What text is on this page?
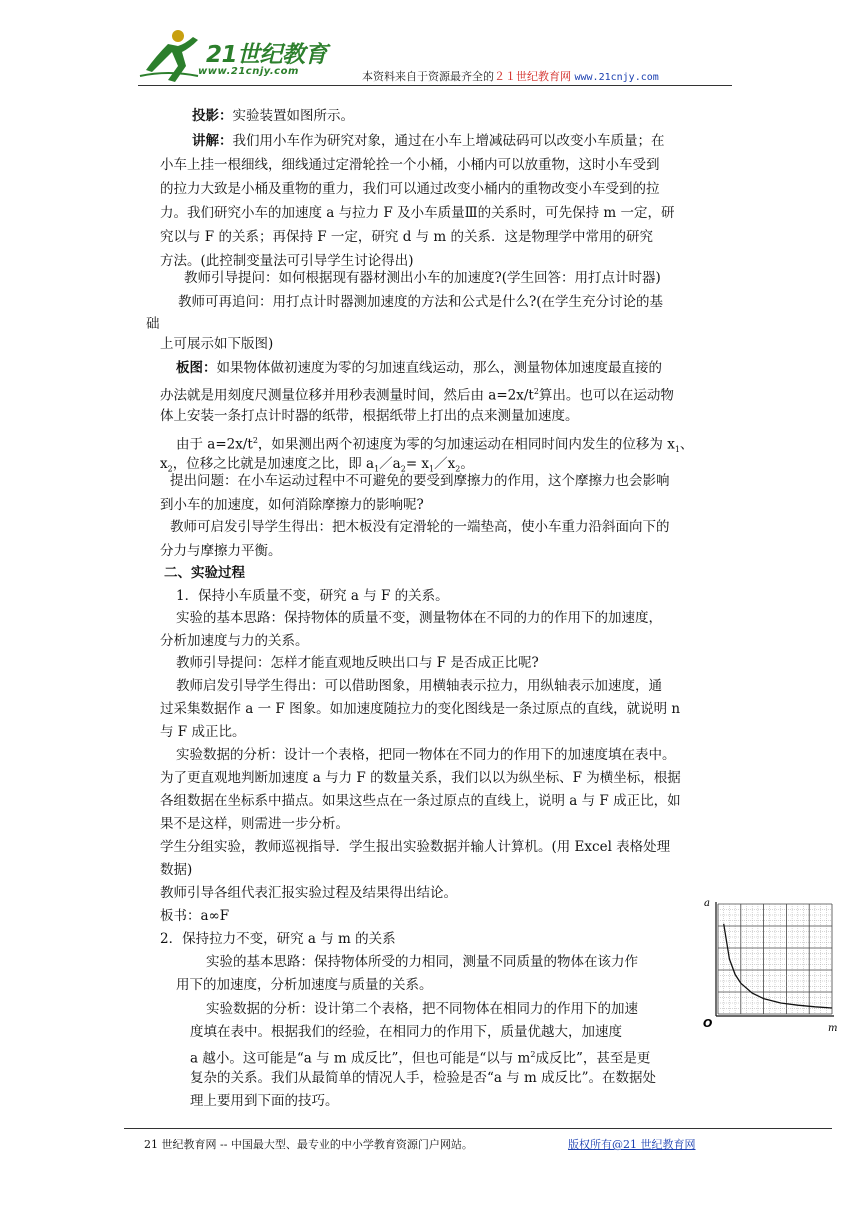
21世纪教育
www.21cnjy.com	本资料来自于资源最齐全的２１世纪教育网 www.21cnjy.com
投影：实验装置如图所示。
讲解：我们用小车作为研究对象，通过在小车上增减砝码可以改变小车质量；在
小车上挂一根细线，细线通过定滑轮拴一个小桶，小桶内可以放重物，这时小车受到
的拉力大致是小桶及重物的重力，我们可以通过改变小桶内的重物改变小车受到的拉
力。我们研究小车的加速度 a 与拉力 F 及小车质量Ⅲ的关系时，可先保持 m 一定，研
究以与 F 的关系；再保持 F 一定，研究 d 与 m 的关系．这是物理学中常用的研究
方法。(此控制变量法可引导学生讨论得出)
教师引导提问：如何根据现有器材测出小车的加速度?(学生回答：用打点计时器)
教师可再追问：用打点计时器测加速度的方法和公式是什么?(在学生充分讨论的基
础
上可展示如下版图)
板图：如果物体做初速度为零的匀加速直线运动，那么，测量物体加速度最直接的
办法就是用刻度尺测量位移并用秒表测量时间，然后由 $a=2x/t^2$算出。也可以在运动物
体上安装一条打点计时器的纸带，根据纸带上打出的点来测量加速度。
由于 $a=2x/t^2$，如果测出两个初速度为零的匀加速运动在相同时间内发生的位移为 $x_1$、
$x_2$，位移之比就是加速度之比，即 $a_1/a_2=$ $x_1/x_2$。
提出问题：在小车运动过程中不可避免的要受到摩擦力的作用，这个摩擦力也会影响
到小车的加速度，如何消除摩擦力的影响呢?
教师可启发引导学生得出：把木板没有定滑轮的一端垫高，使小车重力沿斜面向下的
分力与摩擦力平衡。
二、实验过程
1．保持小车质量不变，研究 a 与 F 的关系。
实验的基本思路：保持物体的质量不变，测量物体在不同的力的作用下的加速度，
分析加速度与力的关系。
教师引导提问：怎样才能直观地反映出口与 F 是否成正比呢?
教师启发引导学生得出：可以借助图象，用横轴表示拉力，用纵轴表示加速度，通
过采集数据作 a 一 F 图象。如加速度随拉力的变化图线是一条过原点的直线，就说明 n
与 F 成正比。
实验数据的分析：设计一个表格，把同一物体在不同力的作用下的加速度填在表中。
为了更直观地判断加速度 a 与力 F 的数量关系，我们以以为纵坐标、F 为横坐标，根据
各组数据在坐标系中描点。如果这些点在一条过原点的直线上，说明 a 与 F 成正比，如
果不是这样，则需进一步分析。
学生分组实验，教师巡视指导．学生报出实验数据并输人计算机。(用 Excel 表格处理
数据)
教师引导各组代表汇报实验过程及结果得出结论。
板书：a∞F
2．保持拉力不变，研究 a 与 m 的关系
实验的基本思路：保持物体所受的力相同，测量不同质量的物体在该力作
用下的加速度，分析加速度与质量的关系。
实验数据的分析：设计第二个表格，把不同物体在相同力的作用下的加速
度填在表中。根据我们的经验，在相同力的作用下，质量优越大，加速度
a 越小。这可能是“a 与 m 成反比”，但也可能是“以与 $m^2$成反比”，甚至是更
复杂的关系。我们从最简单的情况人手，检验是否“a 与 m 成反比”。在数据处
理上要用到下面的技巧。
a
m
O
21 世纪教育网 -- 中国最大型、最专业的中小学教育资源门户网站。	版权所有@21 世纪教育网
